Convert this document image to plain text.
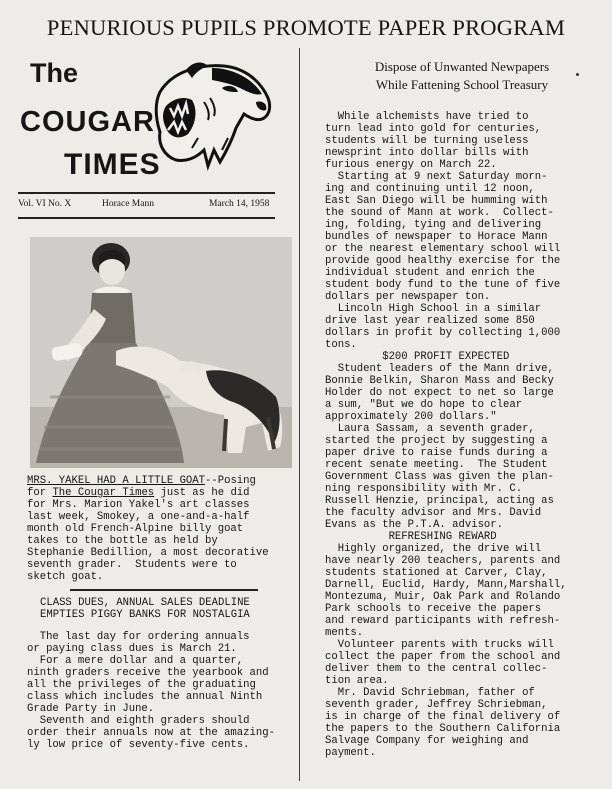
PENURIOUS PUPILS PROMOTE PAPER PROGRAM
The
COUGAR
TIMES
Vol. VI No. X	Horace Mann	March 14, 1958
MRS. YAKEL HAD A LITTLE GOAT--Posing
for The Cougar Times just as he did
for Mrs. Marion Yakel's art classes
last week, Smokey, a one-and-a-half
month old French-Alpine billy goat
takes to the bottle as held by
Stephanie Bedillion, a most decorative
seventh grader.  Students were to
sketch goat.
CLASS DUES, ANNUAL SALES DEADLINE
EMPTIES PIGGY BANKS FOR NOSTALGIA
The last day for ordering annuals
or paying class dues is March 21.
For a mere dollar and a quarter,
ninth graders receive the yearbook and
all the privileges of the graduating
class which includes the annual Ninth
Grade Party in June.
Seventh and eighth graders should
order their annuals now at the amazing-
ly low price of seventy-five cents.
Dispose of Unwanted Newpapers
While Fattening School Treasury
While alchemists have tried to
turn lead into gold for centuries,
students will be turning useless
newsprint into dollar bills with
furious energy on March 22.
Starting at 9 next Saturday morn-
ing and continuing until 12 noon,
East San Diego will be humming with
the sound of Mann at work.  Collect-
ing, folding, tying and delivering
bundles of newspaper to Horace Mann
or the nearest elementary school will
provide good healthy exercise for the
individual student and enrich the
student body fund to the tune of five
dollars per newspaper ton.
Lincoln High School in a similar
drive last year realized some 850
dollars in profit by collecting 1,000
tons.
$200 PROFIT EXPECTED
Student leaders of the Mann drive,
Bonnie Belkin, Sharon Mass and Becky
Holder do not expect to net so large
a sum, "But we do hope to clear
approximately 200 dollars."
Laura Sassam, a seventh grader,
started the project by suggesting a
paper drive to raise funds during a
recent senate meeting.  The Student
Government Class was given the plan-
ning responsibility with Mr. C.
Russell Henzie, principal, acting as
the faculty advisor and Mrs. David
Evans as the P.T.A. advisor.
REFRESHING REWARD
Highly organized, the drive will
have nearly 200 teachers, parents and
students stationed at Carver, Clay,
Darnell, Euclid, Hardy, Mann,Marshall,
Montezuma, Muir, Oak Park and Rolando
Park schools to receive the papers
and reward participants with refresh-
ments.
Volunteer parents with trucks will
collect the paper from the school and
deliver them to the central collec-
tion area.
Mr. David Schriebman, father of
seventh grader, Jeffrey Schriebman,
is in charge of the final delivery of
the papers to the Southern California
Salvage Company for weighing and
payment.
